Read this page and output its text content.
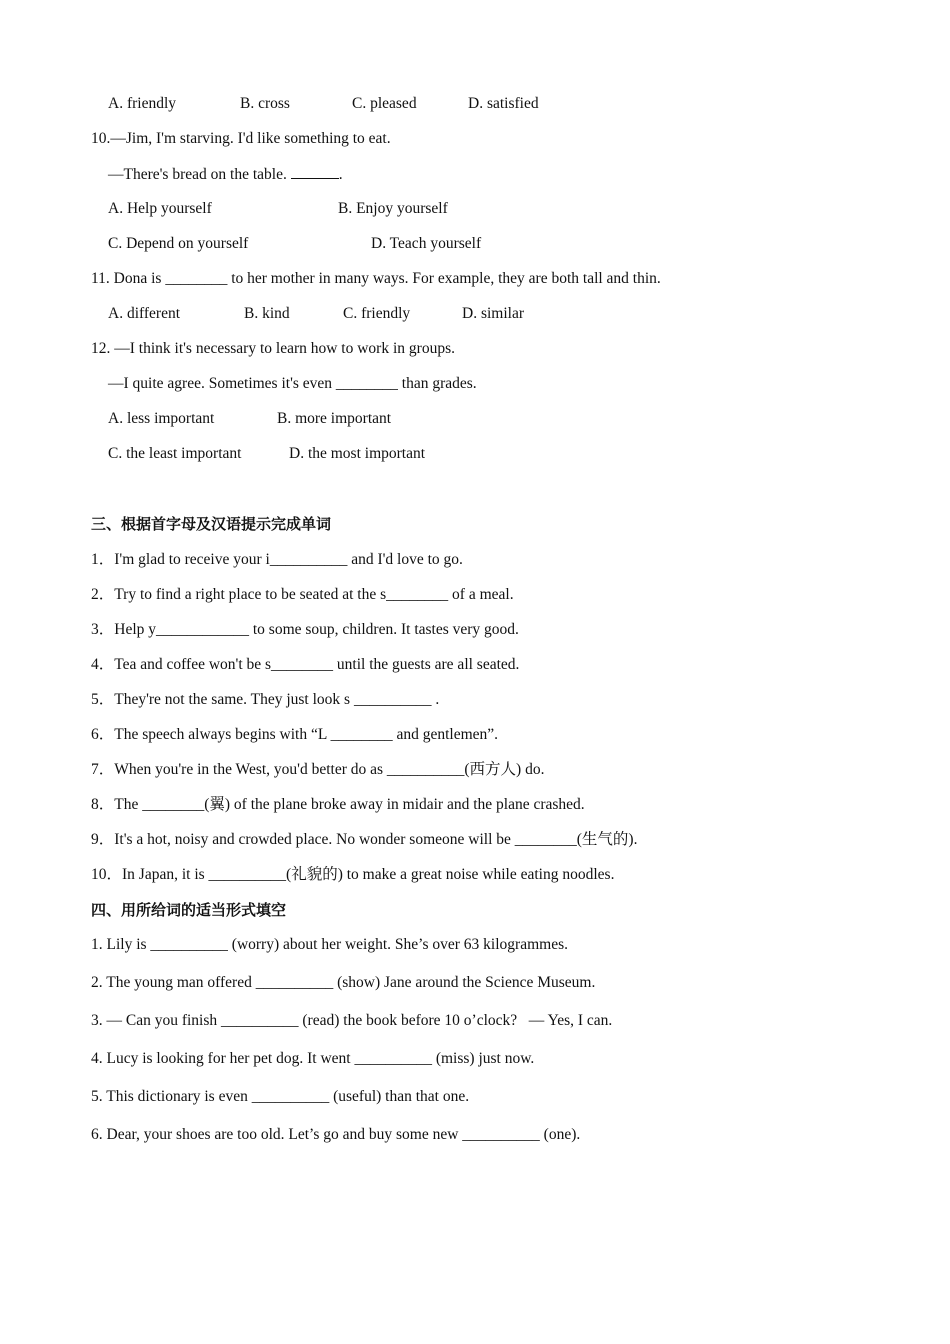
A. friendly	B. cross	C. pleased	D. satisfied
10.—Jim, I'm starving. I'd like something to eat.
—There's bread on the table.	.
A. Help yourself	B. Enjoy yourself
C. Depend on yourself	D. Teach yourself
11. Dona is ________ to her mother in many ways. For example, they are both tall and thin.
A. different	B. kind	C. friendly	D. similar
12. —I think it's necessary to learn how to work in groups.
—I quite agree. Sometimes it's even ________ than grades.
A. less important	B. more important
C. the least important	D. the most important
三、根据首字母及汉语提示完成单词
1．I'm glad to receive your i__________ and I'd love to go.
2．Try to find a right place to be seated at the s________ of a meal.
3．Help y____________ to some soup, children. It tastes very good.
4．Tea and coffee won't be s________ until the guests are all seated.
5．They're not the same. They just look s __________ .
6．The speech always begins with “L ________ and gentlemen”.
7．When you're in the West, you'd better do as __________(西方人) do.
8．The ________(翼) of the plane broke away in midair and the plane crashed.
9．It's a hot, noisy and crowded place. No wonder someone will be ________(生气的).
10．In Japan, it is __________(礼貌的) to make a great noise while eating noodles.
四、用所给词的适当形式填空
1. Lily is __________ (worry) about her weight. She’s over 63 kilogrammes.
2. The young man offered __________ (show) Jane around the Science Museum.
3. — Can you finish __________ (read) the book before 10 o’clock?   — Yes, I can.
4. Lucy is looking for her pet dog. It went __________ (miss) just now.
5. This dictionary is even __________ (useful) than that one.
6. Dear, your shoes are too old. Let’s go and buy some new __________ (one).
